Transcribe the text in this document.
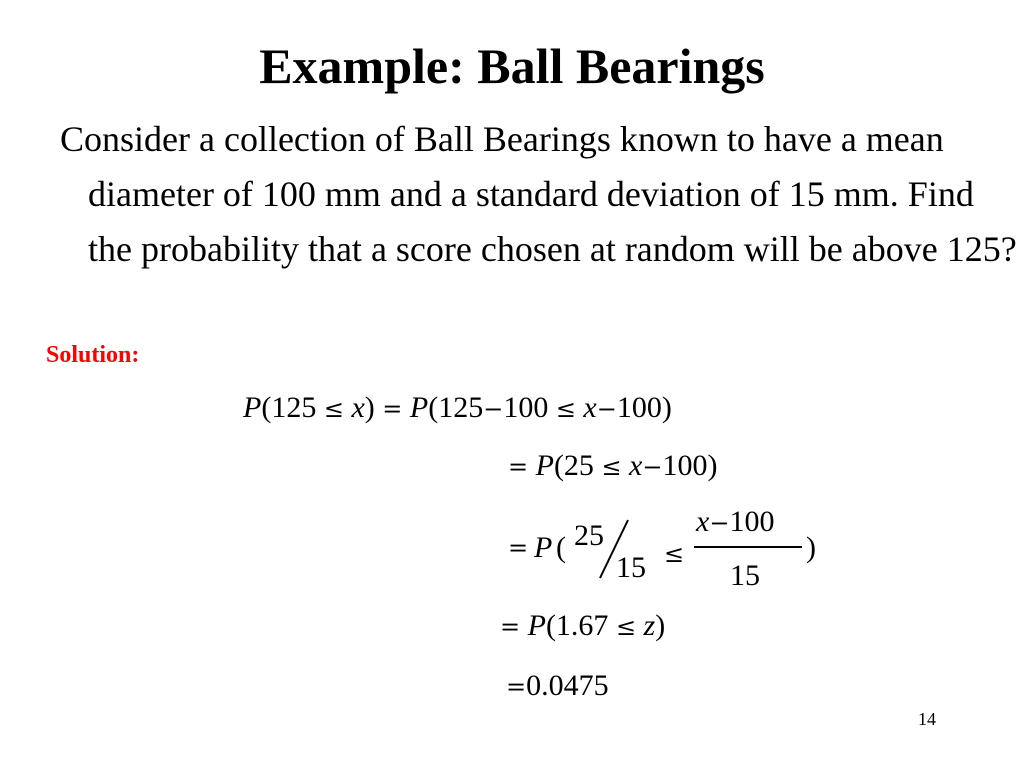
Example: Ball Bearings

Consider a collection of Ball Bearings known to have a mean diameter of 100 mm and a standard deviation of 15 mm. Find the probability that a score chosen at random will be above 125?

Solution:
P(125 ≤ x) = P(125−100 ≤ x−100)
= P(25 ≤ x−100)
= P ( 25
15 ≤
x−100
15
)
= P(1.67 ≤ z)
=0.0475
14
